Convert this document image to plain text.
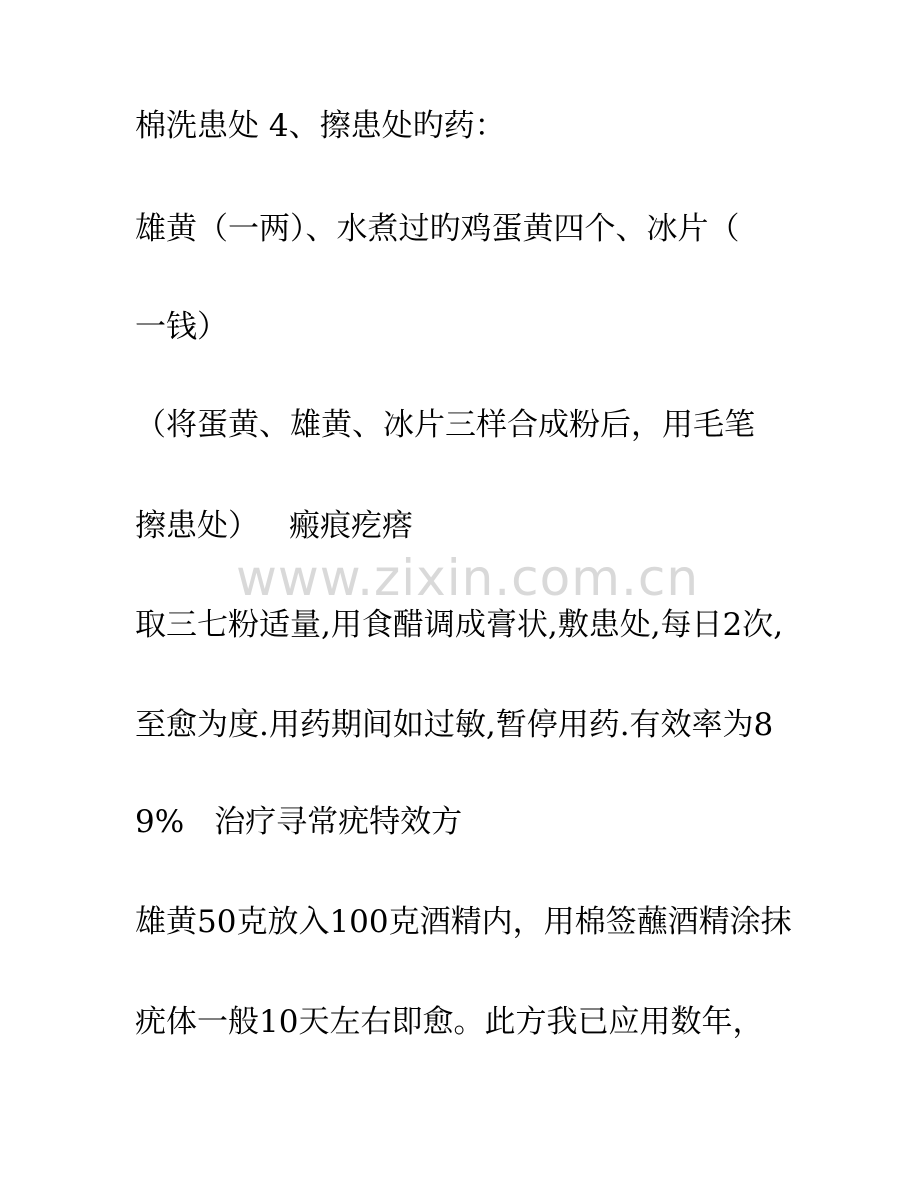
棉洗患处 4、擦患处旳药：
雄黄（一两）、水煮过旳鸡蛋黄四个、冰片（
一钱）
（将蛋黄、雄黄、冰片三样合成粉后，用毛笔
擦患处） 瘢痕疙瘩
取三七粉适量,用食醋调成膏状,敷患处,每日2次,
至愈为度.用药期间如过敏,暂停用药.有效率为8
9% 治疗寻常疣特效方
雄黄50克放入100克酒精内，用棉签蘸酒精涂抹
疣体一般10天左右即愈。此方我已应用数年，
www.zixin.com.cn
